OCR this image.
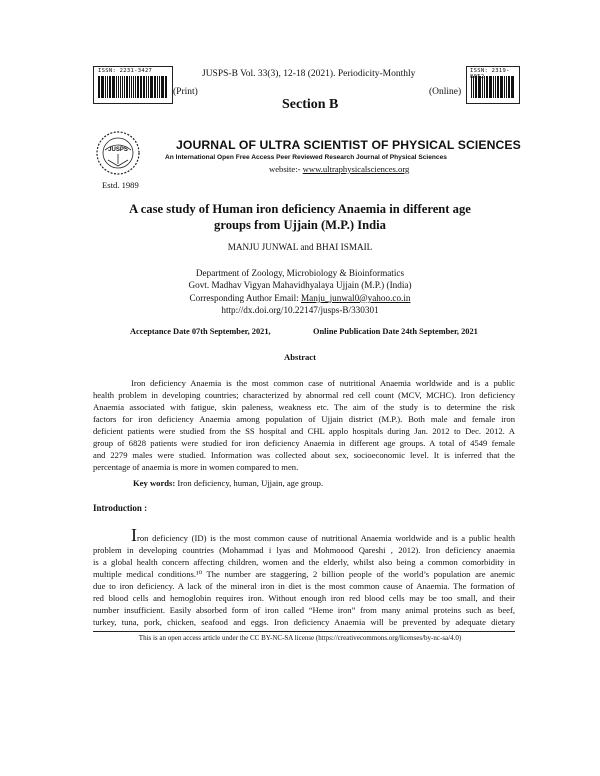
ISSN: 2231-3427
(Print)
JUSPS-B Vol. 33(3), 12-18 (2021). Periodicity-Monthly
Section B
(Online)
ISSN: 2319-
JUSPS
Estd. 1989
JOURNAL OF ULTRA SCIENTIST OF PHYSICAL SCIENCES
An International Open Free Access Peer Reviewed Research Journal of Physical Sciences
website:- www.ultraphysicalsciences.org
A case study of Human iron deficiency Anaemia in different age
groups from Ujjain (M.P.) India
MANJU JUNWAL and BHAI ISMAIL
Department of Zoology, Microbiology & Bioinformatics
Govt. Madhav Vigyan Mahavidhyalaya Ujjain (M.P.) (India)
Corresponding Author Email: Manju_junwal0@yahoo.co.in
http://dx.doi.org/10.22147/jusps-B/330301
Acceptance Date 07th September, 2021,	Online Publication Date 24th September, 2021
Abstract
Iron deficiency Anaemia is the most common case of nutritional Anaemia worldwide and is a public
health problem in developing countries; characterized by abnormal red cell count (MCV, MCHC). Iron deficiency
Anaemia associated with fatigue, skin paleness, weakness etc. The aim of the study is to determine the risk
factors for iron deficiency Anaemia among population of Ujjain district (M.P.). Both male and female iron
deficient patients were studied from the SS hospital and CHL applo hospitals during Jan. 2012 to Dec. 2012. A
group of 6828 patients were studied for iron deficiency Anaemia in different age groups. A total of 4549 female
and 2279 males were studied. Information was collected about sex, socioeconomic level. It is inferred that the
percentage of anaemia is more in women compared to men.
Key words: Iron deficiency, human, Ujjain, age group.
Introduction :
Iron deficiency (ID) is the most common cause of nutritional Anaemia worldwide and is a public health
problem in developing countries (Mohammad i lyas and Mohmoood Qareshi , 2012). Iron deficiency anaemia
is a global health concern affecting children, women and the elderly, whilst also being a common comorbidity in
multiple medical conditions.¹⁰ The number are staggering, 2 billion people of the world’s population are anemic
due to iron deficiency. A lack of the mineral iron in diet is the most common cause of Anaemia. The formation of
red blood cells and hemoglobin requires iron. Without enough iron red blood cells may be too small, and their
number insufficient. Easily absorbed form of iron called “Heme iron” from many animal proteins such as beef,
turkey, tuna, pork, chicken, seafood and eggs. Iron deficiency Anaemia will be prevented by adequate dietary
This is an open access article under the CC BY-NC-SA license (https://creativecommons.org/licenses/by-nc-sa/4.0)
